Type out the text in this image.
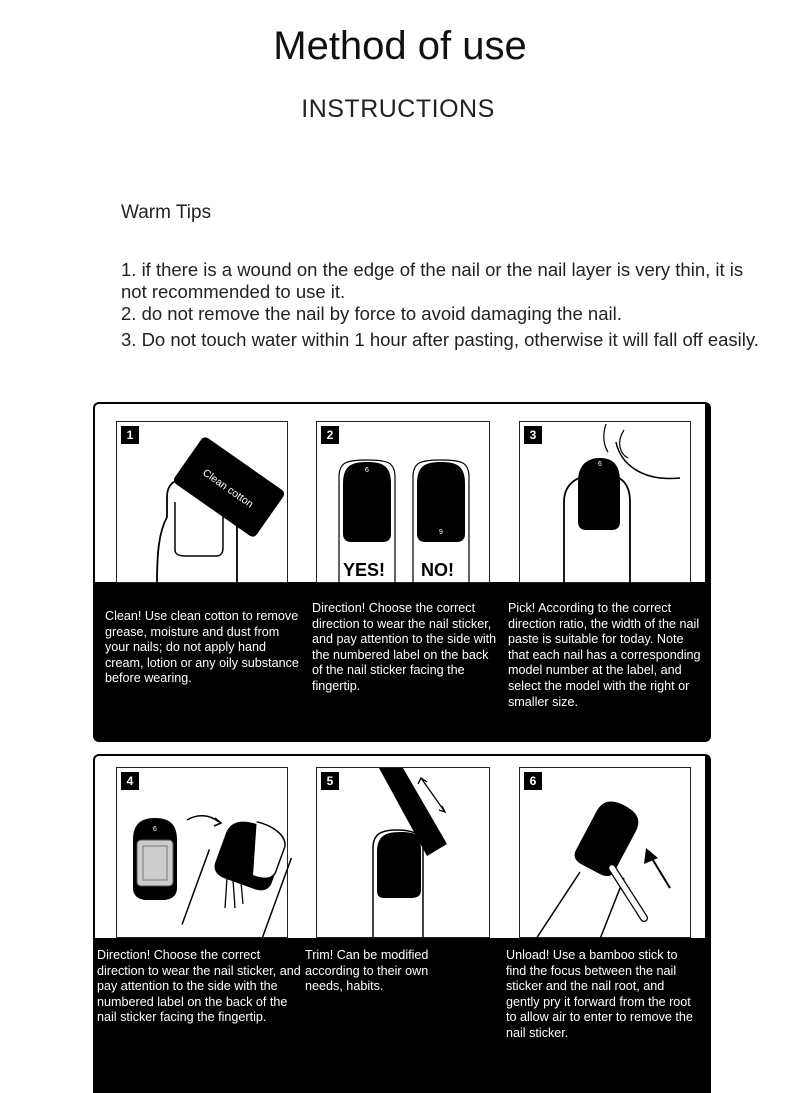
Method of use
INSTRUCTIONS
Warm Tips

1. if there is a wound on the edge of the nail or the nail layer is very thin, it is not recommended to use it.

2. do not remove the nail by force to avoid damaging the nail.

3. Do not touch water within 1 hour after pasting, otherwise it will fall off easily.

1
Clean cotton
2
6
9
YES! NO!
3
6
Clean! Use clean cotton to remove grease, moisture and dust from your nails; do not apply hand cream, lotion or any oily substance before wearing.
Direction! Choose the correct direction to wear the nail sticker, and pay attention to the side with the numbered label on the back of the nail sticker facing the fingertip.
Pick! According to the correct direction ratio, the width of the nail paste is suitable for today. Note that each nail has a corresponding model number at the label, and select the model with the right or smaller size.
4
6
5	6
Direction! Choose the correct direction to wear the nail sticker, and pay attention to the side with the numbered label on the back of the nail sticker facing the fingertip.
Trim! Can be modified according to their own needs, habits.
Unload! Use a bamboo stick to find the focus between the nail sticker and the nail root, and gently pry it forward from the root to allow air to enter to remove the nail sticker.
